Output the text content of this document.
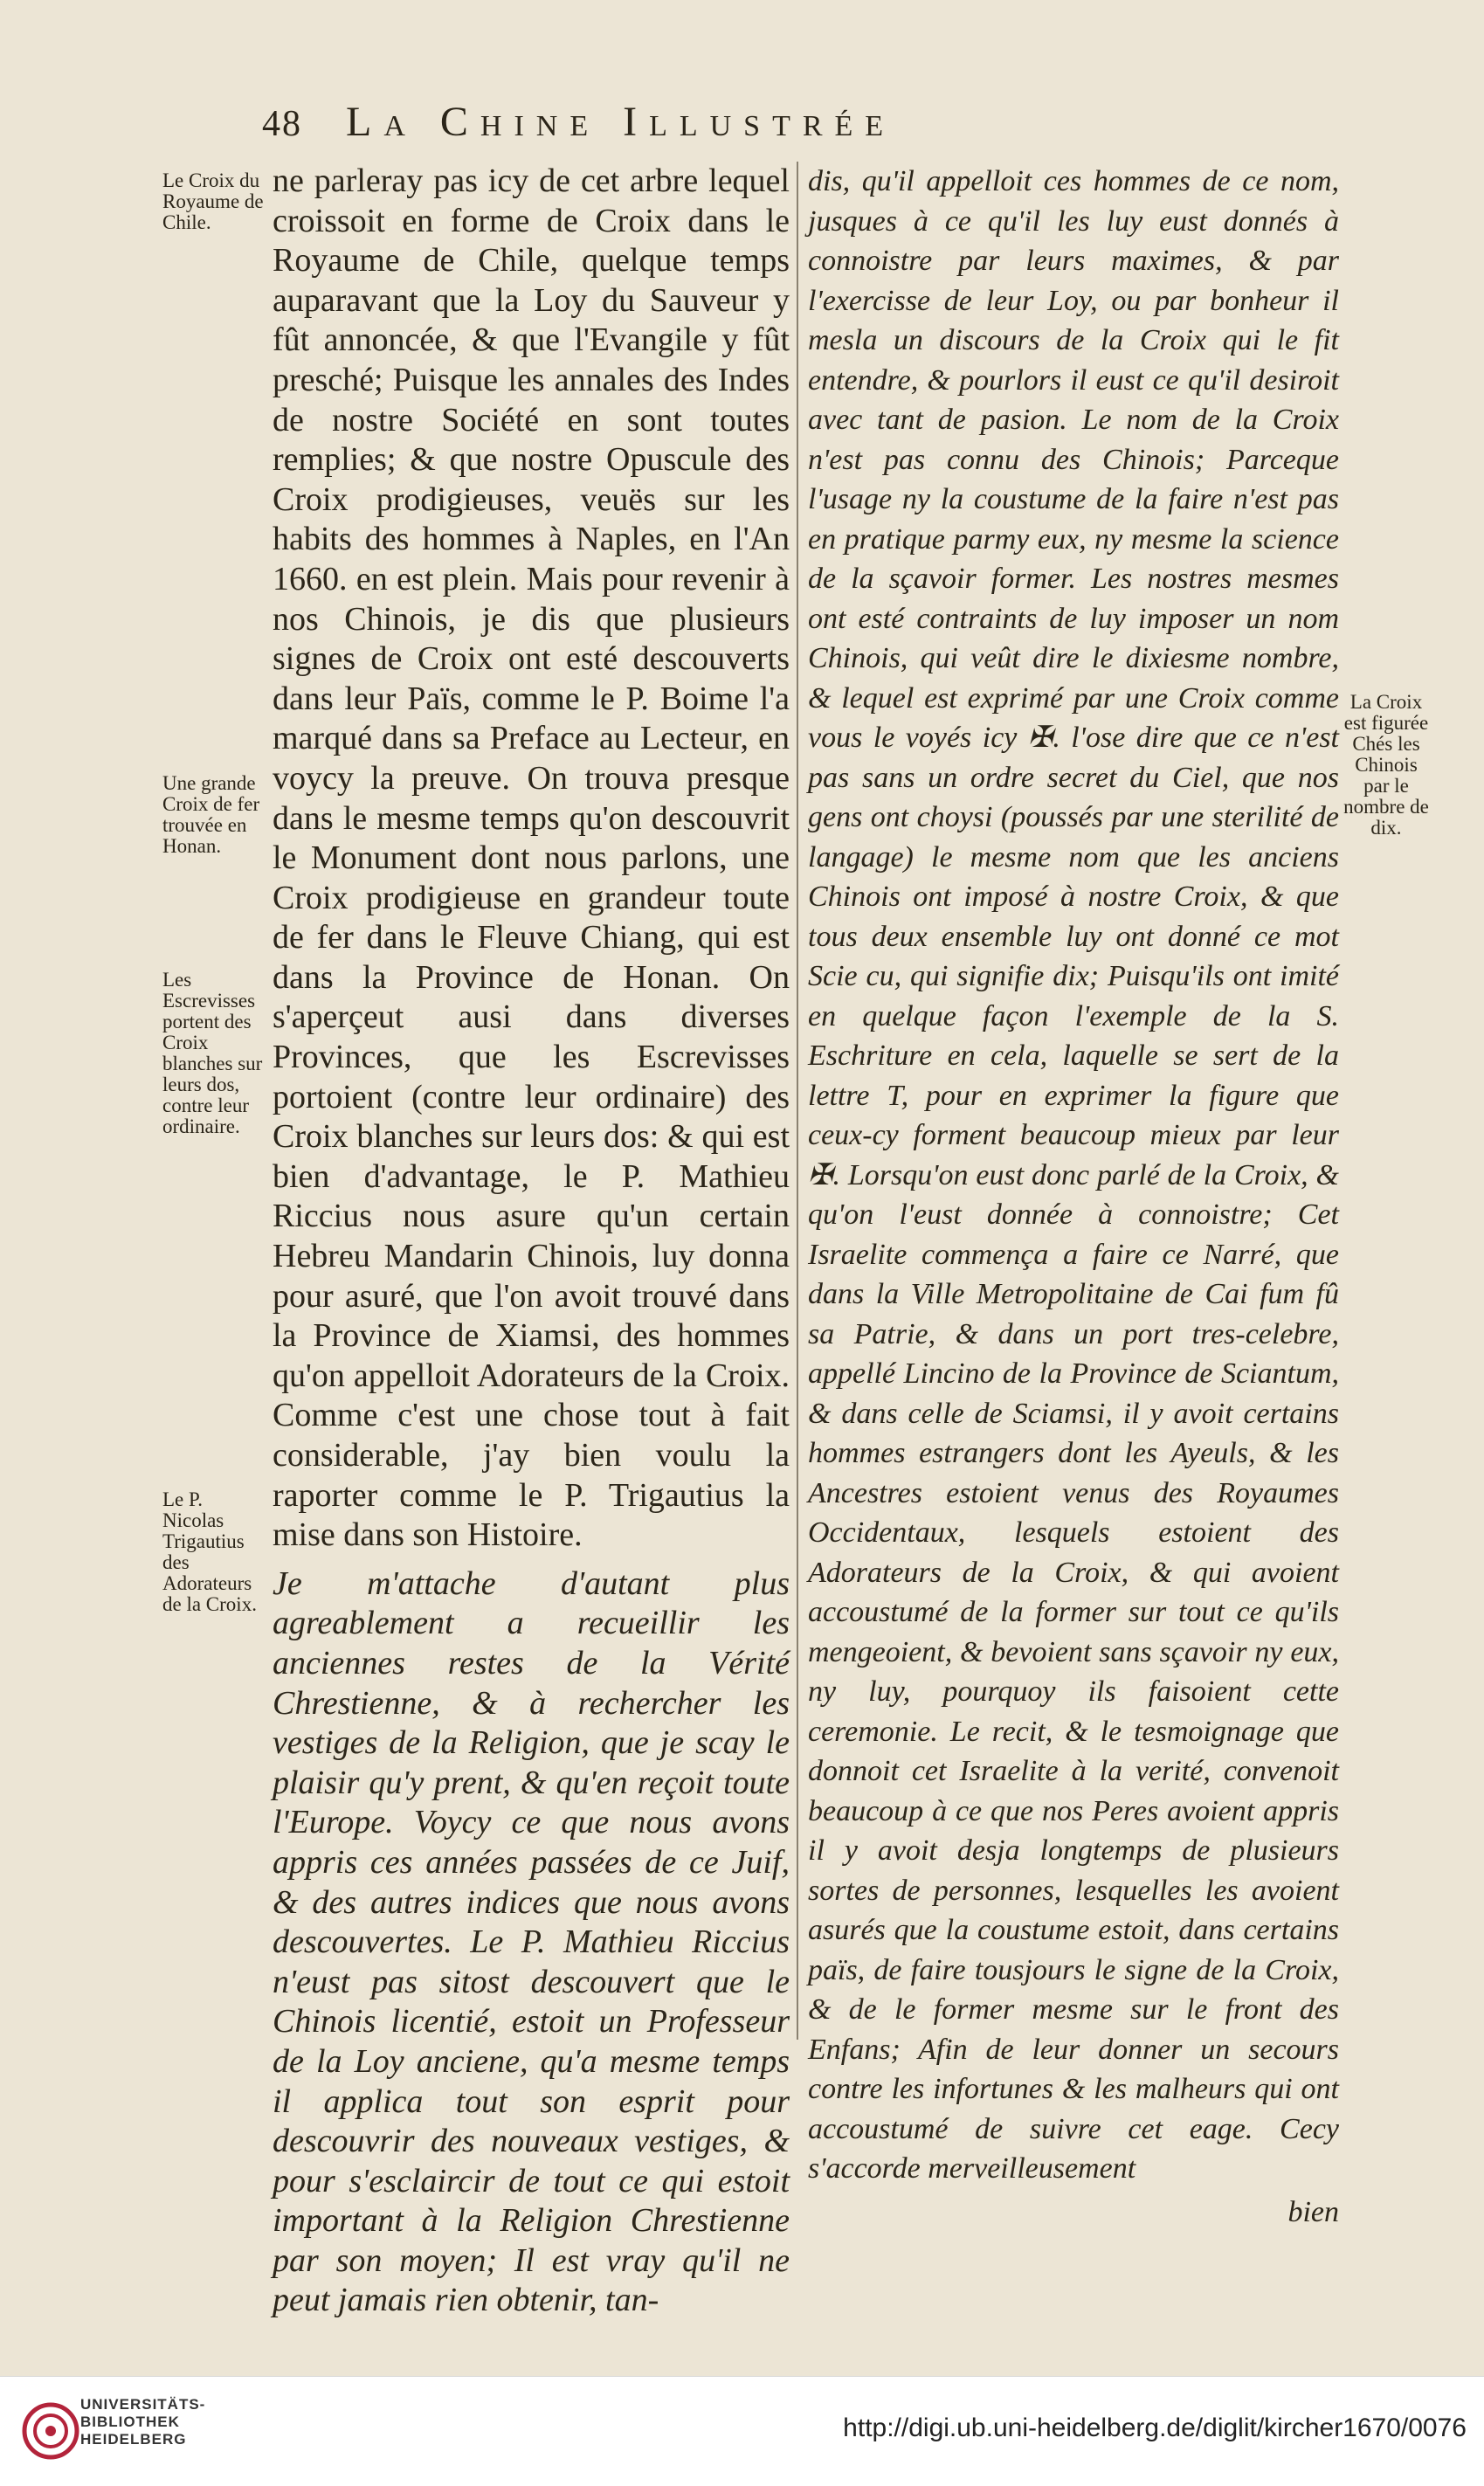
48 La Chine Illustrée
Le Croix du Royaume de Chile.
Une grande Croix de fer trouvée en Honan.
Les Escrevisses portent des Croix blanches sur leurs dos, contre leur ordinaire.
Le P. Nicolas Trigautius des Adorateurs de la Croix.
La Croix est figurée Chés les Chinois par le nombre de dix.

ne parleray pas icy de cet arbre lequel croissoit en forme de Croix dans le Royaume de Chile, quelque temps auparavant que la Loy du Sauveur y fût annoncée, & que l'Evangile y fût presché; Puisque les annales des Indes de nostre Société en sont toutes remplies; & que nostre Opuscule des Croix prodigieuses, veuës sur les habits des hommes à Naples, en l'An 1660. en est plein. Mais pour revenir à nos Chinois, je dis que plusieurs signes de Croix ont esté descouverts dans leur Païs, comme le P. Boime l'a marqué dans sa Preface au Lecteur, en voycy la preuve. On trouva presque dans le mesme temps qu'on descouvrit le Monument dont nous parlons, une Croix prodigieuse en grandeur toute de fer dans le Fleuve Chiang, qui est dans la Province de Honan. On s'aperçeut ausi dans diverses Provinces, que les Escrevisses portoient (contre leur ordinaire) des Croix blanches sur leurs dos: & qui est bien d'advantage, le P. Mathieu Riccius nous asure qu'un certain Hebreu Mandarin Chinois, luy donna pour asuré, que l'on avoit trouvé dans la Province de Xiamsi, des hommes qu'on appelloit Adorateurs de la Croix. Comme c'est une chose tout à fait considerable, j'ay bien voulu la raporter comme le P. Trigautius la mise dans son Histoire.

Je m'attache d'autant plus agreablement a recueillir les anciennes restes de la Vérité Chrestienne, & à rechercher les vestiges de la Religion, que je scay le plaisir qu'y prent, & qu'en reçoit toute l'Europe. Voycy ce que nous avons appris ces années passées de ce Juif, & des autres indices que nous avons descouvertes. Le P. Mathieu Riccius n'eust pas sitost descouvert que le Chinois licentié, estoit un Professeur de la Loy anciene, qu'a mesme temps il applica tout son esprit pour descouvrir des nouveaux vestiges, & pour s'esclaircir de tout ce qui estoit important à la Religion Chrestienne par son moyen; Il est vray qu'il ne peut jamais rien obtenir, tan-

dis, qu'il appelloit ces hommes de ce nom, jusques à ce qu'il les luy eust donnés à connoistre par leurs maximes, & par l'exercisse de leur Loy, ou par bonheur il mesla un discours de la Croix qui le fit entendre, & pourlors il eust ce qu'il desiroit avec tant de pasion. Le nom de la Croix n'est pas connu des Chinois; Parceque l'usage ny la coustume de la faire n'est pas en pratique parmy eux, ny mesme la science de la sçavoir former. Les nostres mesmes ont esté contraints de luy imposer un nom Chinois, qui veût dire le dixiesme nombre, & lequel est exprimé par une Croix comme vous le voyés icy ✠. l'ose dire que ce n'est pas sans un ordre secret du Ciel, que nos gens ont choysi (poussés par une sterilité de langage) le mesme nom que les anciens Chinois ont imposé à nostre Croix, & que tous deux ensemble luy ont donné ce mot Scie cu, qui signifie dix; Puisqu'ils ont imité en quelque façon l'exemple de la S. Eschriture en cela, laquelle se sert de la lettre T, pour en exprimer la figure que ceux-cy forment beaucoup mieux par leur ✠. Lorsqu'on eust donc parlé de la Croix, & qu'on l'eust donnée à connoistre; Cet Israelite commença a faire ce Narré, que dans la Ville Metropolitaine de Cai fum fû sa Patrie, & dans un port tres-celebre, appellé Lincino de la Province de Sciantum, & dans celle de Sciamsi, il y avoit certains hommes estrangers dont les Ayeuls, & les Ancestres estoient venus des Royaumes Occidentaux, lesquels estoient des Adorateurs de la Croix, & qui avoient accoustumé de la former sur tout ce qu'ils mengeoient, & bevoient sans sçavoir ny eux, ny luy, pourquoy ils faisoient cette ceremonie. Le recit, & le tesmoignage que donnoit cet Israelite à la verité, convenoit beaucoup à ce que nos Peres avoient appris il y avoit desja longtemps de plusieurs sortes de personnes, lesquelles les avoient asurés que la coustume estoit, dans certains païs, de faire tousjours le signe de la Croix, & de le former mesme sur le front des Enfans; Afin de leur donner un secours contre les infortunes & les malheurs qui ont accoustumé de suivre cet eage. Cecy s'accorde merveilleusement

bien

UNIVERSITÄTS-
BIBLIOTHEK
HEIDELBERG	http://digi.ub.uni-heidelberg.de/diglit/kircher1670/0076
